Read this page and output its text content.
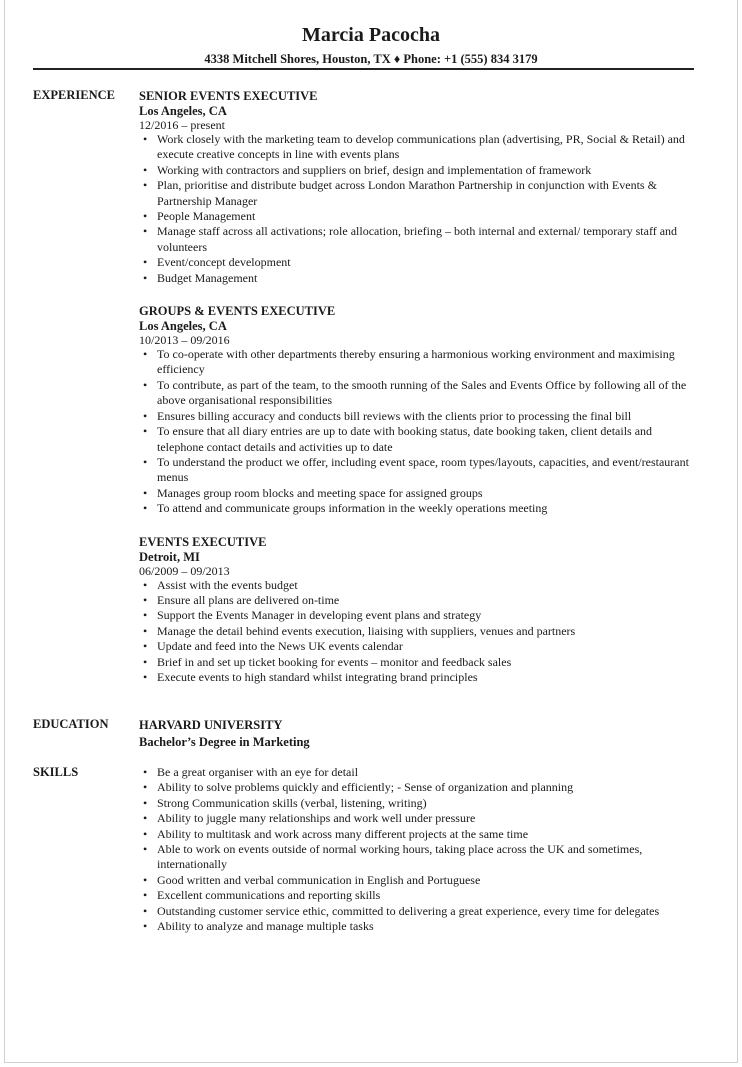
Marcia Pacocha
4338 Mitchell Shores, Houston, TX ♦ Phone: +1 (555) 834 3179
EXPERIENCE SENIOR EVENTS EXECUTIVE
Los Angeles, CA
12/2016 – present
• Work closely with the marketing team to develop communications plan (advertising, PR, Social & Retail) and execute creative concepts in line with events plans
• Working with contractors and suppliers on brief, design and implementation of framework
• Plan, prioritise and distribute budget across London Marathon Partnership in conjunction with Events & Partnership Manager
• People Management
• Manage staff across all activations; role allocation, briefing – both internal and external/ temporary staff and volunteers
• Event/concept development
• Budget Management
GROUPS & EVENTS EXECUTIVE
Los Angeles, CA
10/2013 – 09/2016
• To co-operate with other departments thereby ensuring a harmonious working environment and maximising efficiency
• To contribute, as part of the team, to the smooth running of the Sales and Events Office by following all of the above organisational responsibilities
• Ensures billing accuracy and conducts bill reviews with the clients prior to processing the final bill
• To ensure that all diary entries are up to date with booking status, date booking taken, client details and telephone contact details and activities up to date
• To understand the product we offer, including event space, room types/layouts, capacities, and event/restaurant menus
• Manages group room blocks and meeting space for assigned groups
• To attend and communicate groups information in the weekly operations meeting
EVENTS EXECUTIVE
Detroit, MI
06/2009 – 09/2013
• Assist with the events budget
• Ensure all plans are delivered on-time
• Support the Events Manager in developing event plans and strategy
• Manage the detail behind events execution, liaising with suppliers, venues and partners
• Update and feed into the News UK events calendar
• Brief in and set up ticket booking for events – monitor and feedback sales
• Execute events to high standard whilst integrating brand principles
EDUCATION HARVARD UNIVERSITY
Bachelor’s Degree in Marketing
SKILLS
•	Be a great organiser with an eye for detail
• Ability to solve problems quickly and efficiently; - Sense of organization and planning
• Strong Communication skills (verbal, listening, writing)
• Ability to juggle many relationships and work well under pressure
• Ability to multitask and work across many different projects at the same time
• Able to work on events outside of normal working hours, taking place across the UK and sometimes, internationally
• Good written and verbal communication in English and Portuguese
• Excellent communications and reporting skills
• Outstanding customer service ethic, committed to delivering a great experience, every time for delegates
• Ability to analyze and manage multiple tasks
